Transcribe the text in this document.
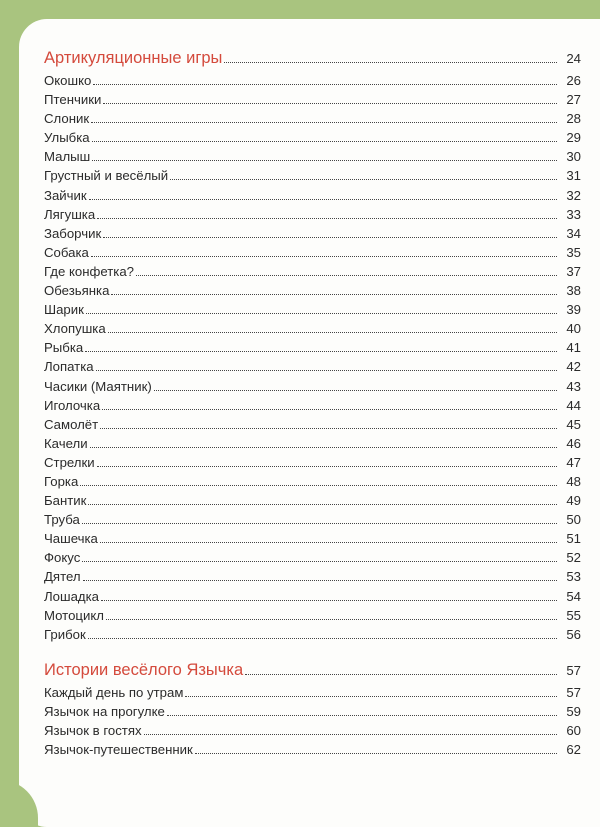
Артикуляционные игры	24
Окошко	26
Птенчики	27
Слоник	28
Улыбка	29
Малыш	30
Грустный и весёлый	31
Зайчик	32
Лягушка	33
Заборчик	34
Собака	35
Где конфетка?	37
Обезьянка	38
Шарик	39
Хлопушка	40
Рыбка	41
Лопатка	42
Часики (Маятник)	43
Иголочка	44
Самолёт	45
Качели	46
Стрелки	47
Горка	48
Бантик	49
Труба	50
Чашечка	51
Фокус	52
Дятел	53
Лошадка	54
Мотоцикл	55
Грибок	56
Истории весёлого Язычка	57
Каждый день по утрам	57
Язычок на прогулке	59
Язычок в гостях	60
Язычок-путешественник	62
